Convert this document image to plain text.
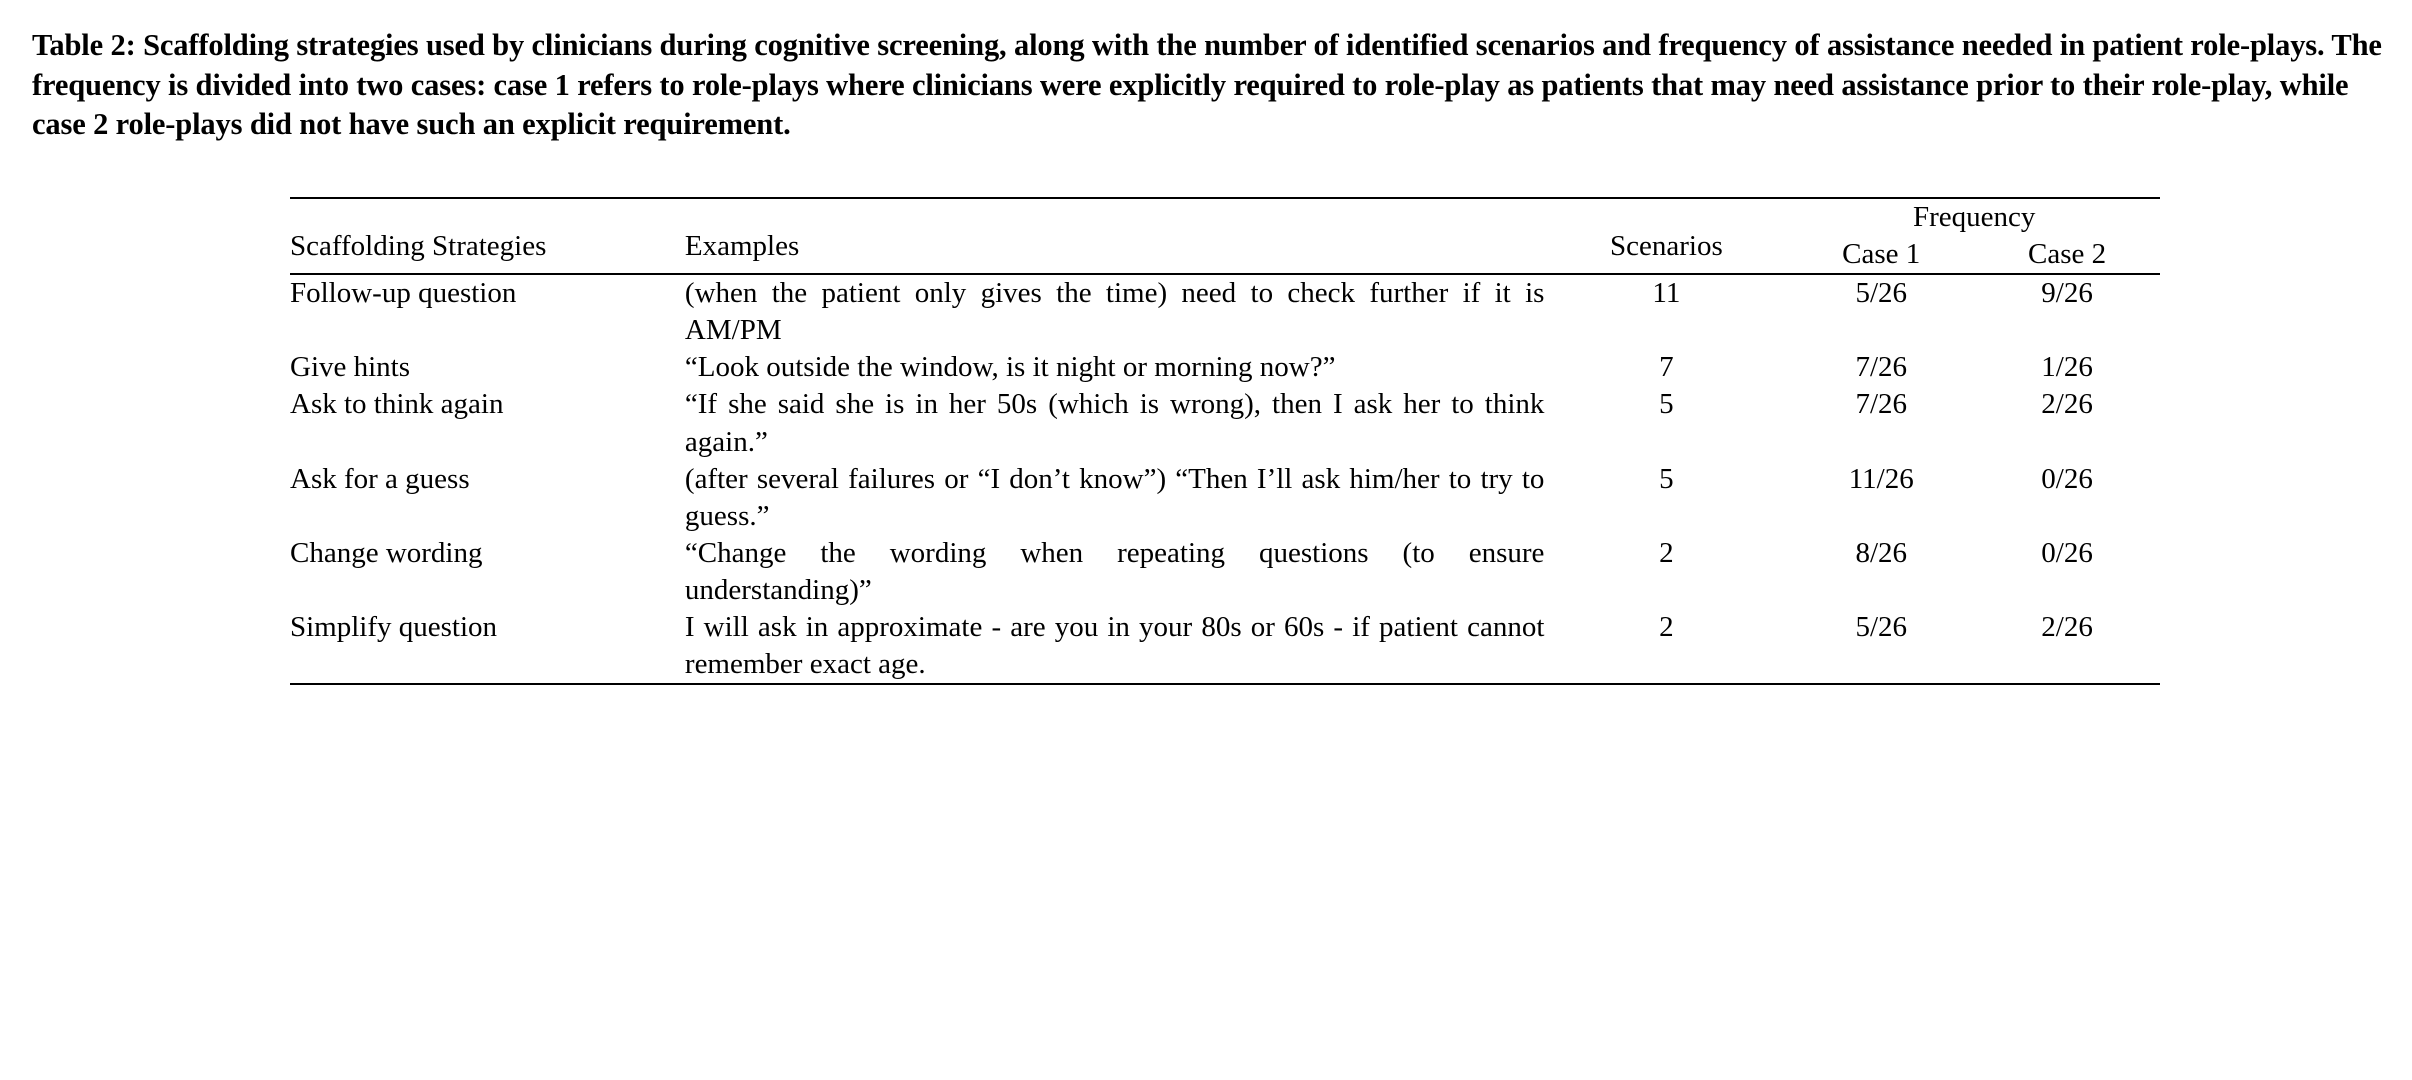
Table 2: Scaffolding strategies used by clinicians during cognitive screening, along with the number of identified scenarios and frequency of assistance needed in patient role-plays. The frequency is divided into two cases: case 1 refers to role-plays where clinicians were explicitly required to role-play as patients that may need assistance prior to their role-play, while case 2 role-plays did not have such an explicit requirement.
Scaffolding Strategies	Examples	Scenarios	Frequency	
			Case 1	Case 2
Follow-up question	(when the patient only gives the time) need to check further if it is AM/PM	11	5/26	9/26
Give hints	“Look outside the window, is it night or morning now?”	7	7/26	1/26
Ask to think again	“If she said she is in her 50s (which is wrong), then I ask her to think again.”	5	7/26	2/26
Ask for a guess	(after several failures or “I don’t know”) “Then I’ll ask him/her to try to guess.”	5	11/26	0/26
Change wording	“Change the wording when repeating questions (to ensure understanding)”	2	8/26	0/26
Simplify question	I will ask in approximate - are you in your 80s or 60s - if patient cannot remember exact age.	2	5/26	2/26
